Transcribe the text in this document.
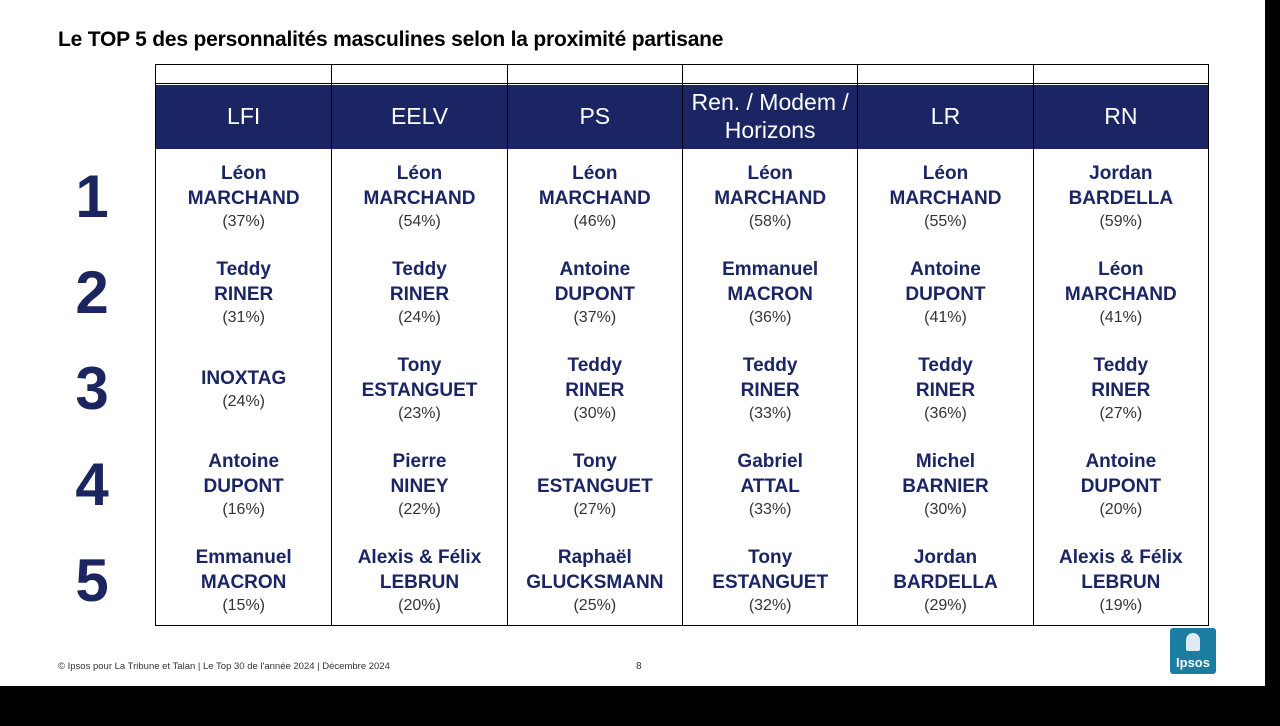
Le TOP 5 des personnalités masculines selon la proximité partisane
1
2
3
4
5
LFI
Léon
MARCHAND
(37%)
Teddy
RINER
(31%)
INOXTAG
(24%)
Antoine
DUPONT
(16%)
Emmanuel
MACRON
(15%)
EELV
Léon
MARCHAND
(54%)
Teddy
RINER
(24%)
Tony
ESTANGUET
(23%)
Pierre
NINEY
(22%)
Alexis & Félix
LEBRUN
(20%)
PS
Léon
MARCHAND
(46%)
Antoine
DUPONT
(37%)
Teddy
RINER
(30%)
Tony
ESTANGUET
(27%)
Raphaël
GLUCKSMANN
(25%)
Ren. / Modem / Horizons
Léon
MARCHAND
(58%)
Emmanuel
MACRON
(36%)
Teddy
RINER
(33%)
Gabriel
ATTAL
(33%)
Tony
ESTANGUET
(32%)
LR
Léon
MARCHAND
(55%)
Antoine
DUPONT
(41%)
Teddy
RINER
(36%)
Michel
BARNIER
(30%)
Jordan
BARDELLA
(29%)
RN
Jordan
BARDELLA
(59%)
Léon
MARCHAND
(41%)
Teddy
RINER
(27%)
Antoine
DUPONT
(20%)
Alexis & Félix
LEBRUN
(19%)
© Ipsos pour La Tribune et Talan | Le Top 30 de l'année 2024 | Décembre 2024	8	Ipsos
